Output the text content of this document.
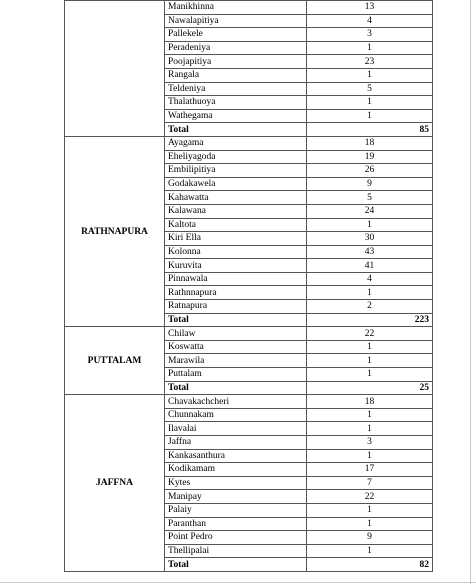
	Manikhinna	13
	Nawalapitiya	4
	Pallekele	3
	Peradeniya	1
	Poojapitiya	23
	Rangala	1
	Teldeniya	5
	Thalathuoya	1
	Wathegama	1
	Total	85
RATHNAPURA	Ayagama	18
	Eheliyagoda	19
	Embilipitiya	26
	Godakawela	9
	Kahawatta	5
	Kalawana	24
	Kaltota	1
	Kiri Ella	30
	Kolonna	43
	Kuruvita	41
	Pinnawala	4
	Rathnnapura	1
	Ratnapura	2
	Total	223
PUTTALAM	Chilaw	22
	Koswatta	1
	Marawila	1
	Puttalam	1
	Total	25
JAFFNA	Chavakachcheri	18
	Chunnakam	1
	Ilavalai	1
	Jaffna	3
	Kankasanthura	1
	Kodikamam	17
	Kytes	7
	Manipay	22
	Palaiy	1
	Paranthan	1
	Point Pedro	9
	Thellipalai	1
	Total	82
